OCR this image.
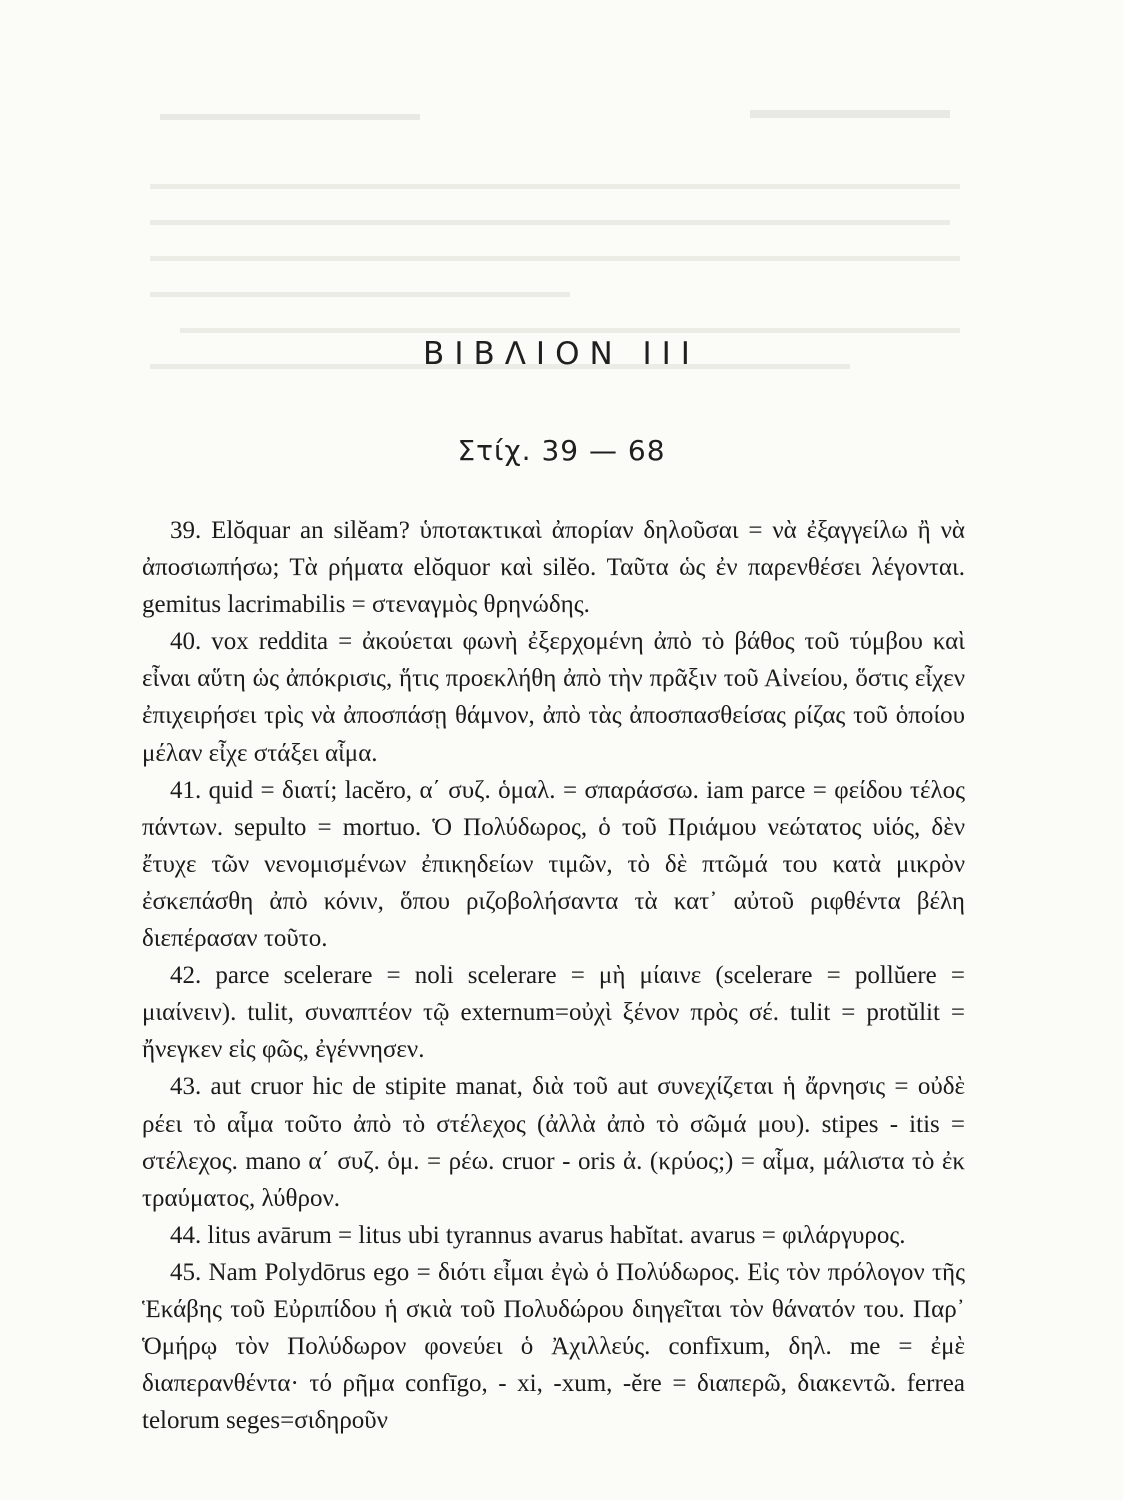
ΒΙΒΛΙΟΝ III
Στίχ. 39 — 68

39. Elŏquar an silĕam? ὑποτακτικαὶ ἀπορίαν δηλοῦσαι = νὰ ἐξαγγείλω ἢ νὰ ἀποσιωπήσω; Τὰ ρήματα elŏquor καὶ silĕo. Ταῦτα ὡς ἐν παρενθέσει λέγονται. gemitus lacrimabilis = στεναγμὸς θρηνώδης.

40. vox reddita = ἀκούεται φωνὴ ἐξερχομένη ἀπὸ τὸ βάθος τοῦ τύμβου καὶ εἶναι αὕτη ὡς ἀπόκρισις, ἥτις προεκλήθη ἀπὸ τὴν πρᾶξιν τοῦ Αἰνείου, ὅστις εἶχεν ἐπιχειρήσει τρὶς νὰ ἀποσπάσῃ θάμνον, ἀπὸ τὰς ἀποσπασθείσας ρίζας τοῦ ὁποίου μέλαν εἶχε στάξει αἷμα.

41. quid = διατί; lacĕro, α΄ συζ. ὁμαλ. = σπαράσσω. iam parce = φείδου τέλος πάντων. sepulto = mortuo. Ὁ Πολύδωρος, ὁ τοῦ Πριάμου νεώτατος υἱός, δὲν ἔτυχε τῶν νενομισμένων ἐπικηδείων τιμῶν, τὸ δὲ πτῶμά του κατὰ μικρὸν ἐσκεπάσθη ἀπὸ κόνιν, ὅπου ριζοβολήσαντα τὰ κατ᾽ αὐτοῦ ριφθέντα βέλη διεπέρασαν τοῦτο.

42. parce scelerare = noli scelerare = μὴ μίαινε (scelerare = pollŭere = μιαίνειν). tulit, συναπτέον τῷ externum=οὐχὶ ξένον πρὸς σέ. tulit = protŭlit = ἤνεγκεν εἰς φῶς, ἐγέννησεν.

43. aut cruor hic de stipite manat, διὰ τοῦ aut συνεχίζεται ἡ ἄρνησις = οὐδὲ ρέει τὸ αἷμα τοῦτο ἀπὸ τὸ στέλεχος (ἀλλὰ ἀπὸ τὸ σῶμά μου). stipes - itis = στέλεχος. mano α΄ συζ. ὁμ. = ρέω. cruor - oris ἀ. (κρύος;) = αἷμα, μάλιστα τὸ ἐκ τραύματος, λύθρον.

44. litus avārum = litus ubi tyrannus avarus habĭtat. avarus = φιλάργυρος.

45. Nam Polydōrus ego = διότι εἶμαι ἐγὼ ὁ Πολύδωρος. Εἰς τὸν πρόλογον τῆς Ἑκάβης τοῦ Εὐριπίδου ἡ σκιὰ τοῦ Πολυδώρου διηγεῖται τὸν θάνατόν του. Παρ᾽ Ὁμήρῳ τὸν Πολύδωρον φονεύει ὁ Ἀχιλλεύς. confīxum, δηλ. me = ἐμὲ διαπερανθέντα· τό ρῆμα confīgo, - xi, -xum, -ĕre = διαπερῶ, διακεντῶ. ferrea telorum seges=σιδηροῦν
